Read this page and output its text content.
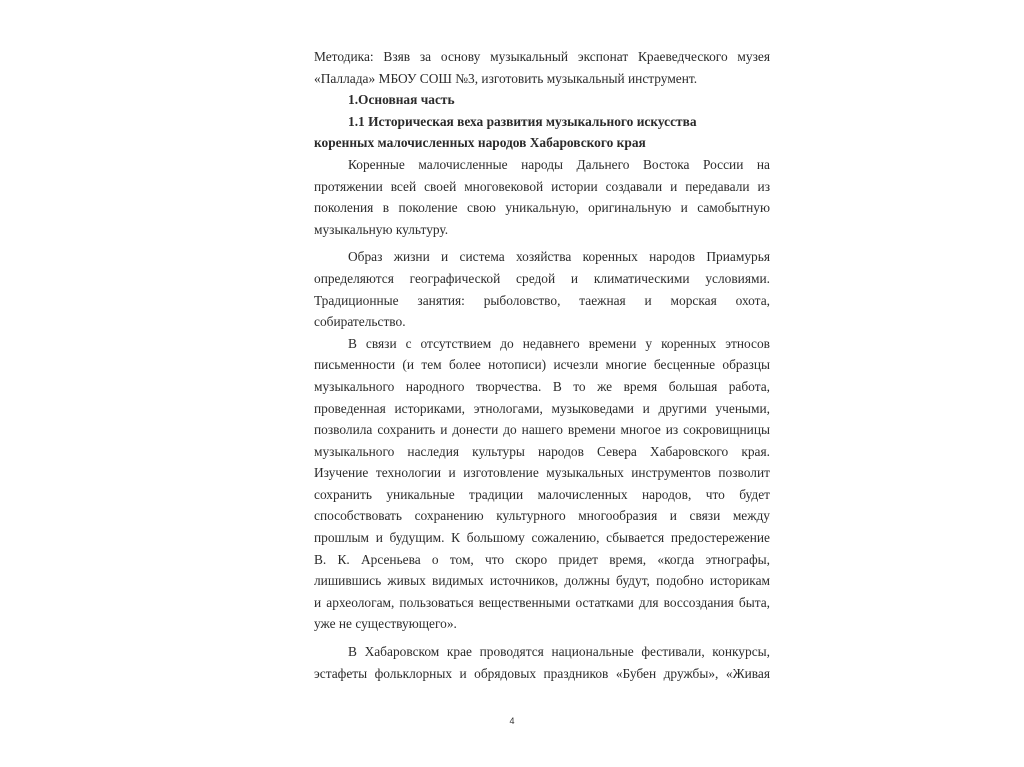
Методика: Взяв за основу музыкальный экспонат Краеведческого музея
«Паллада» МБОУ СОШ №3, изготовить музыкальный инструмент.

1.Основная часть

1.1 Историческая веха развития музыкального искусства
коренных малочисленных народов Хабаровского края

Коренные малочисленные народы Дальнего Востока России на
протяжении всей своей многовековой истории создавали и передавали из
поколения в поколение свою уникальную, оригинальную и самобытную
музыкальную культуру.

Образ жизни и система хозяйства коренных народов Приамурья
определяются географической средой и климатическими условиями.
Традиционные занятия: рыболовство, таежная и морская охота,
собирательство.

В связи с отсутствием до недавнего времени у коренных этносов
письменности (и тем более нотописи) исчезли многие бесценные образцы
музыкального народного творчества. В то же время большая работа,
проведенная историками, этнологами, музыковедами и другими учеными,
позволила сохранить и донести до нашего времени многое из сокровищницы
музыкального наследия культуры народов Севера Хабаровского края.
Изучение технологии и изготовление музыкальных инструментов позволит
сохранить уникальные традиции малочисленных народов, что будет
способствовать сохранению культурного многообразия и связи между
прошлым и будущим. К большому сожалению, сбывается предостережение
В. К. Арсеньева о том, что скоро придет время, «когда этнографы,
лишившись живых видимых источников, должны будут, подобно историкам
и археологам, пользоваться вещественными остатками для воссоздания быта,
уже не существующего».

В Хабаровском крае проводятся национальные фестивали, конкурсы,
эстафеты фольклорных и обрядовых праздников «Бубен дружбы», «Живая

4
